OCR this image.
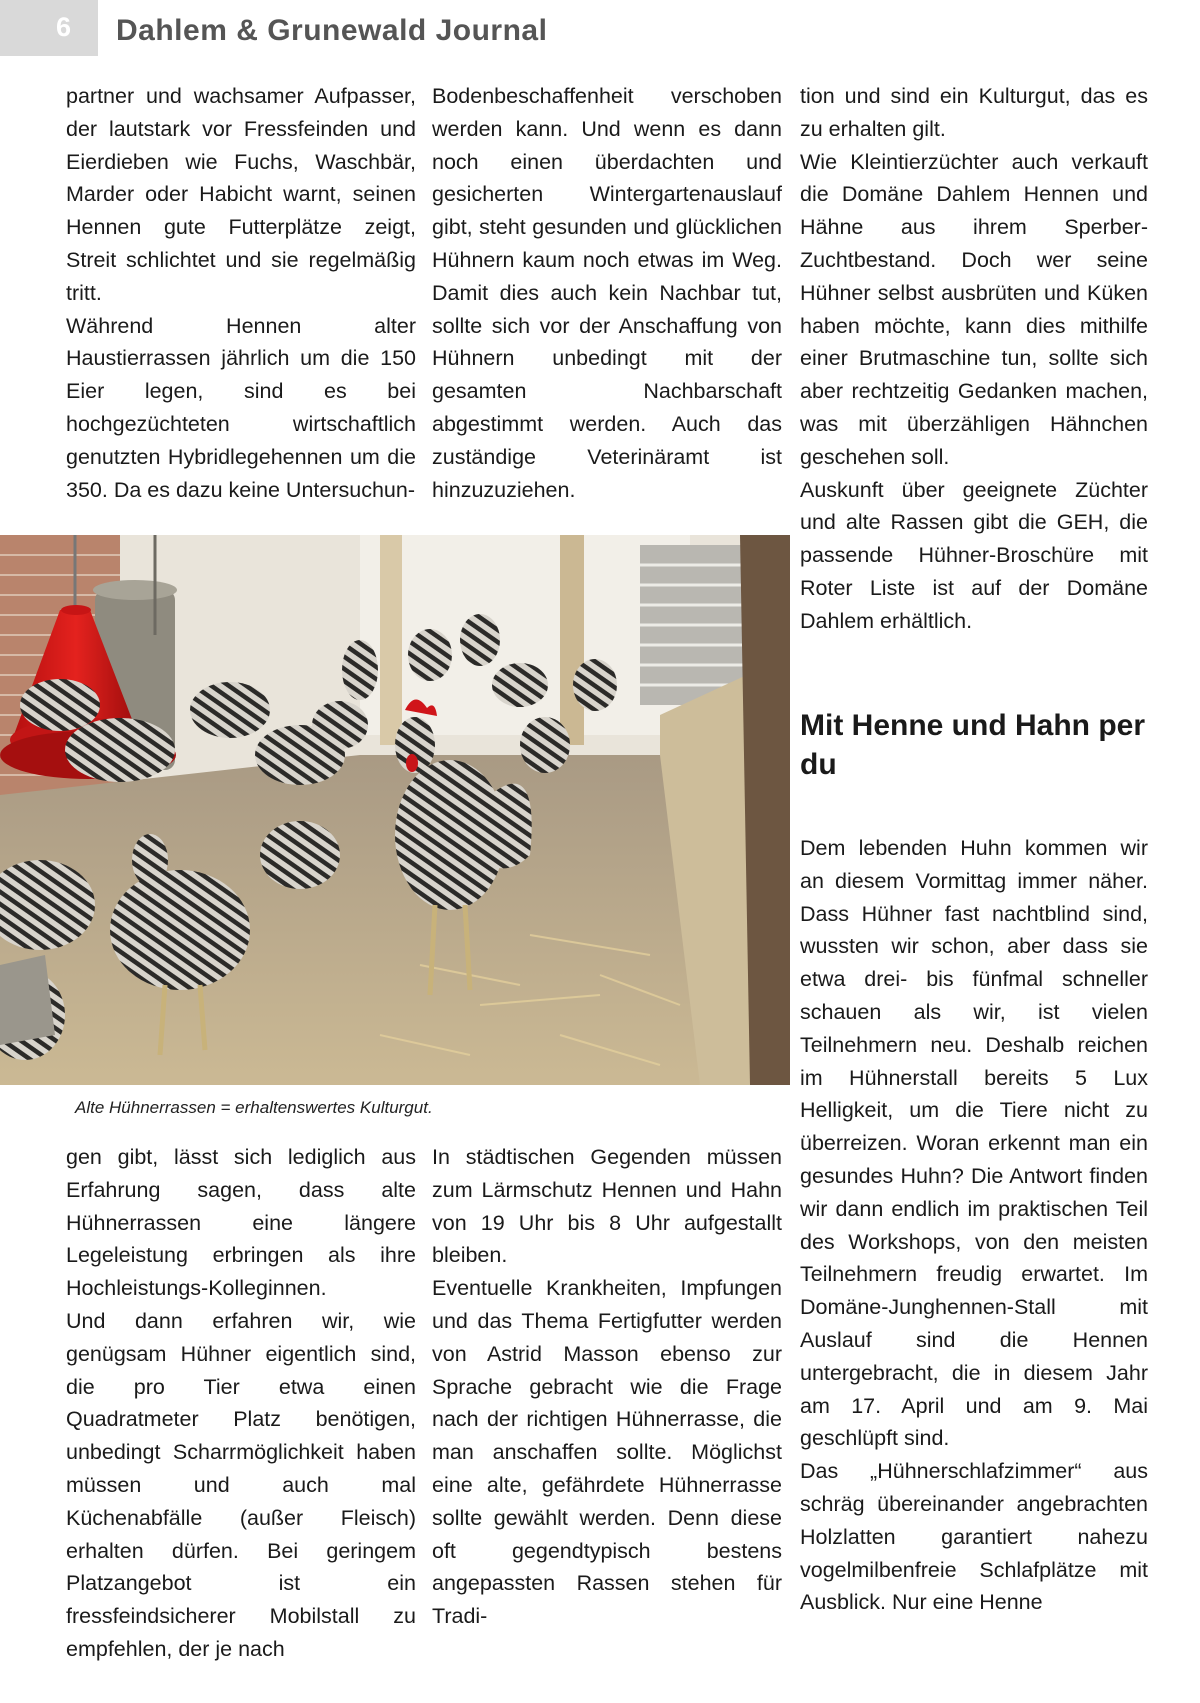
6 Dahlem & Grunewald Journal

partner und wachsamer Aufpasser, der lautstark vor Fressfeinden und Eierdieben wie Fuchs, Waschbär, Marder oder Habicht warnt, seinen Hennen gute Futterplätze zeigt, Streit schlichtet und sie regelmäßig tritt.

Während Hennen alter Haustierrassen jährlich um die 150 Eier legen, sind es bei hochgezüchteten wirtschaftlich genutzten Hybridlegehennen um die 350. Da es dazu keine Untersuchun-

Bodenbeschaffenheit verschoben werden kann. Und wenn es dann noch einen überdachten und gesicherten Wintergartenauslauf gibt, steht gesunden und glücklichen Hühnern kaum noch etwas im Weg. Damit dies auch kein Nachbar tut, sollte sich vor der Anschaffung von Hühnern unbedingt mit der gesamten Nachbarschaft abgestimmt werden. Auch das zuständige Veterinäramt ist hinzuzuziehen.

tion und sind ein Kulturgut, das es zu erhalten gilt.

Wie Kleintierzüchter auch verkauft die Domäne Dahlem Hennen und Hähne aus ihrem Sperber-Zuchtbestand. Doch wer seine Hühner selbst ausbrüten und Küken haben möchte, kann dies mithilfe einer Brutmaschine tun, sollte sich aber rechtzeitig Gedanken machen, was mit überzähligen Hähnchen geschehen soll.

Auskunft über geeignete Züchter und alte Rassen gibt die GEH, die passende Hühner-Broschüre mit Roter Liste ist auf der Domäne Dahlem erhältlich.

Mit Henne und Hahn per du

Dem lebenden Huhn kommen wir an diesem Vormittag immer näher. Dass Hühner fast nachtblind sind, wussten wir schon, aber dass sie etwa drei- bis fünfmal schneller schauen als wir, ist vielen Teilnehmern neu. Deshalb reichen im Hühnerstall bereits 5 Lux Helligkeit, um die Tiere nicht zu überreizen. Woran erkennt man ein gesundes Huhn? Die Antwort finden wir dann endlich im praktischen Teil des Workshops, von den meisten Teilnehmern freudig erwartet. Im Domäne-Junghennen-Stall mit Auslauf sind die Hennen untergebracht, die in diesem Jahr am 17. April und am 9. Mai geschlüpft sind.

Das „Hühnerschlafzimmer“ aus schräg übereinander angebrachten Holzlatten garantiert nahezu vogelmilbenfreie Schlafplätze mit Ausblick. Nur eine Henne

Alte Hühnerrassen = erhaltenswertes Kulturgut.

gen gibt, lässt sich lediglich aus Erfahrung sagen, dass alte Hühnerrassen eine längere Legeleistung erbringen als ihre Hochleistungs-Kolleginnen.

Und dann erfahren wir, wie genügsam Hühner eigentlich sind, die pro Tier etwa einen Quadratmeter Platz benötigen, unbedingt Scharrmöglichkeit haben müssen und auch mal Küchenabfälle (außer Fleisch) erhalten dürfen. Bei geringem Platzangebot ist ein fressfeindsicherer Mobilstall zu empfehlen, der je nach

In städtischen Gegenden müssen zum Lärmschutz Hennen und Hahn von 19 Uhr bis 8 Uhr aufgestallt bleiben.

Eventuelle Krankheiten, Impfungen und das Thema Fertigfutter werden von Astrid Masson ebenso zur Sprache gebracht wie die Frage nach der richtigen Hühnerrasse, die man anschaffen sollte. Möglichst eine alte, gefährdete Hühnerrasse sollte gewählt werden. Denn diese oft gegendtypisch bestens angepassten Rassen stehen für Tradi-
